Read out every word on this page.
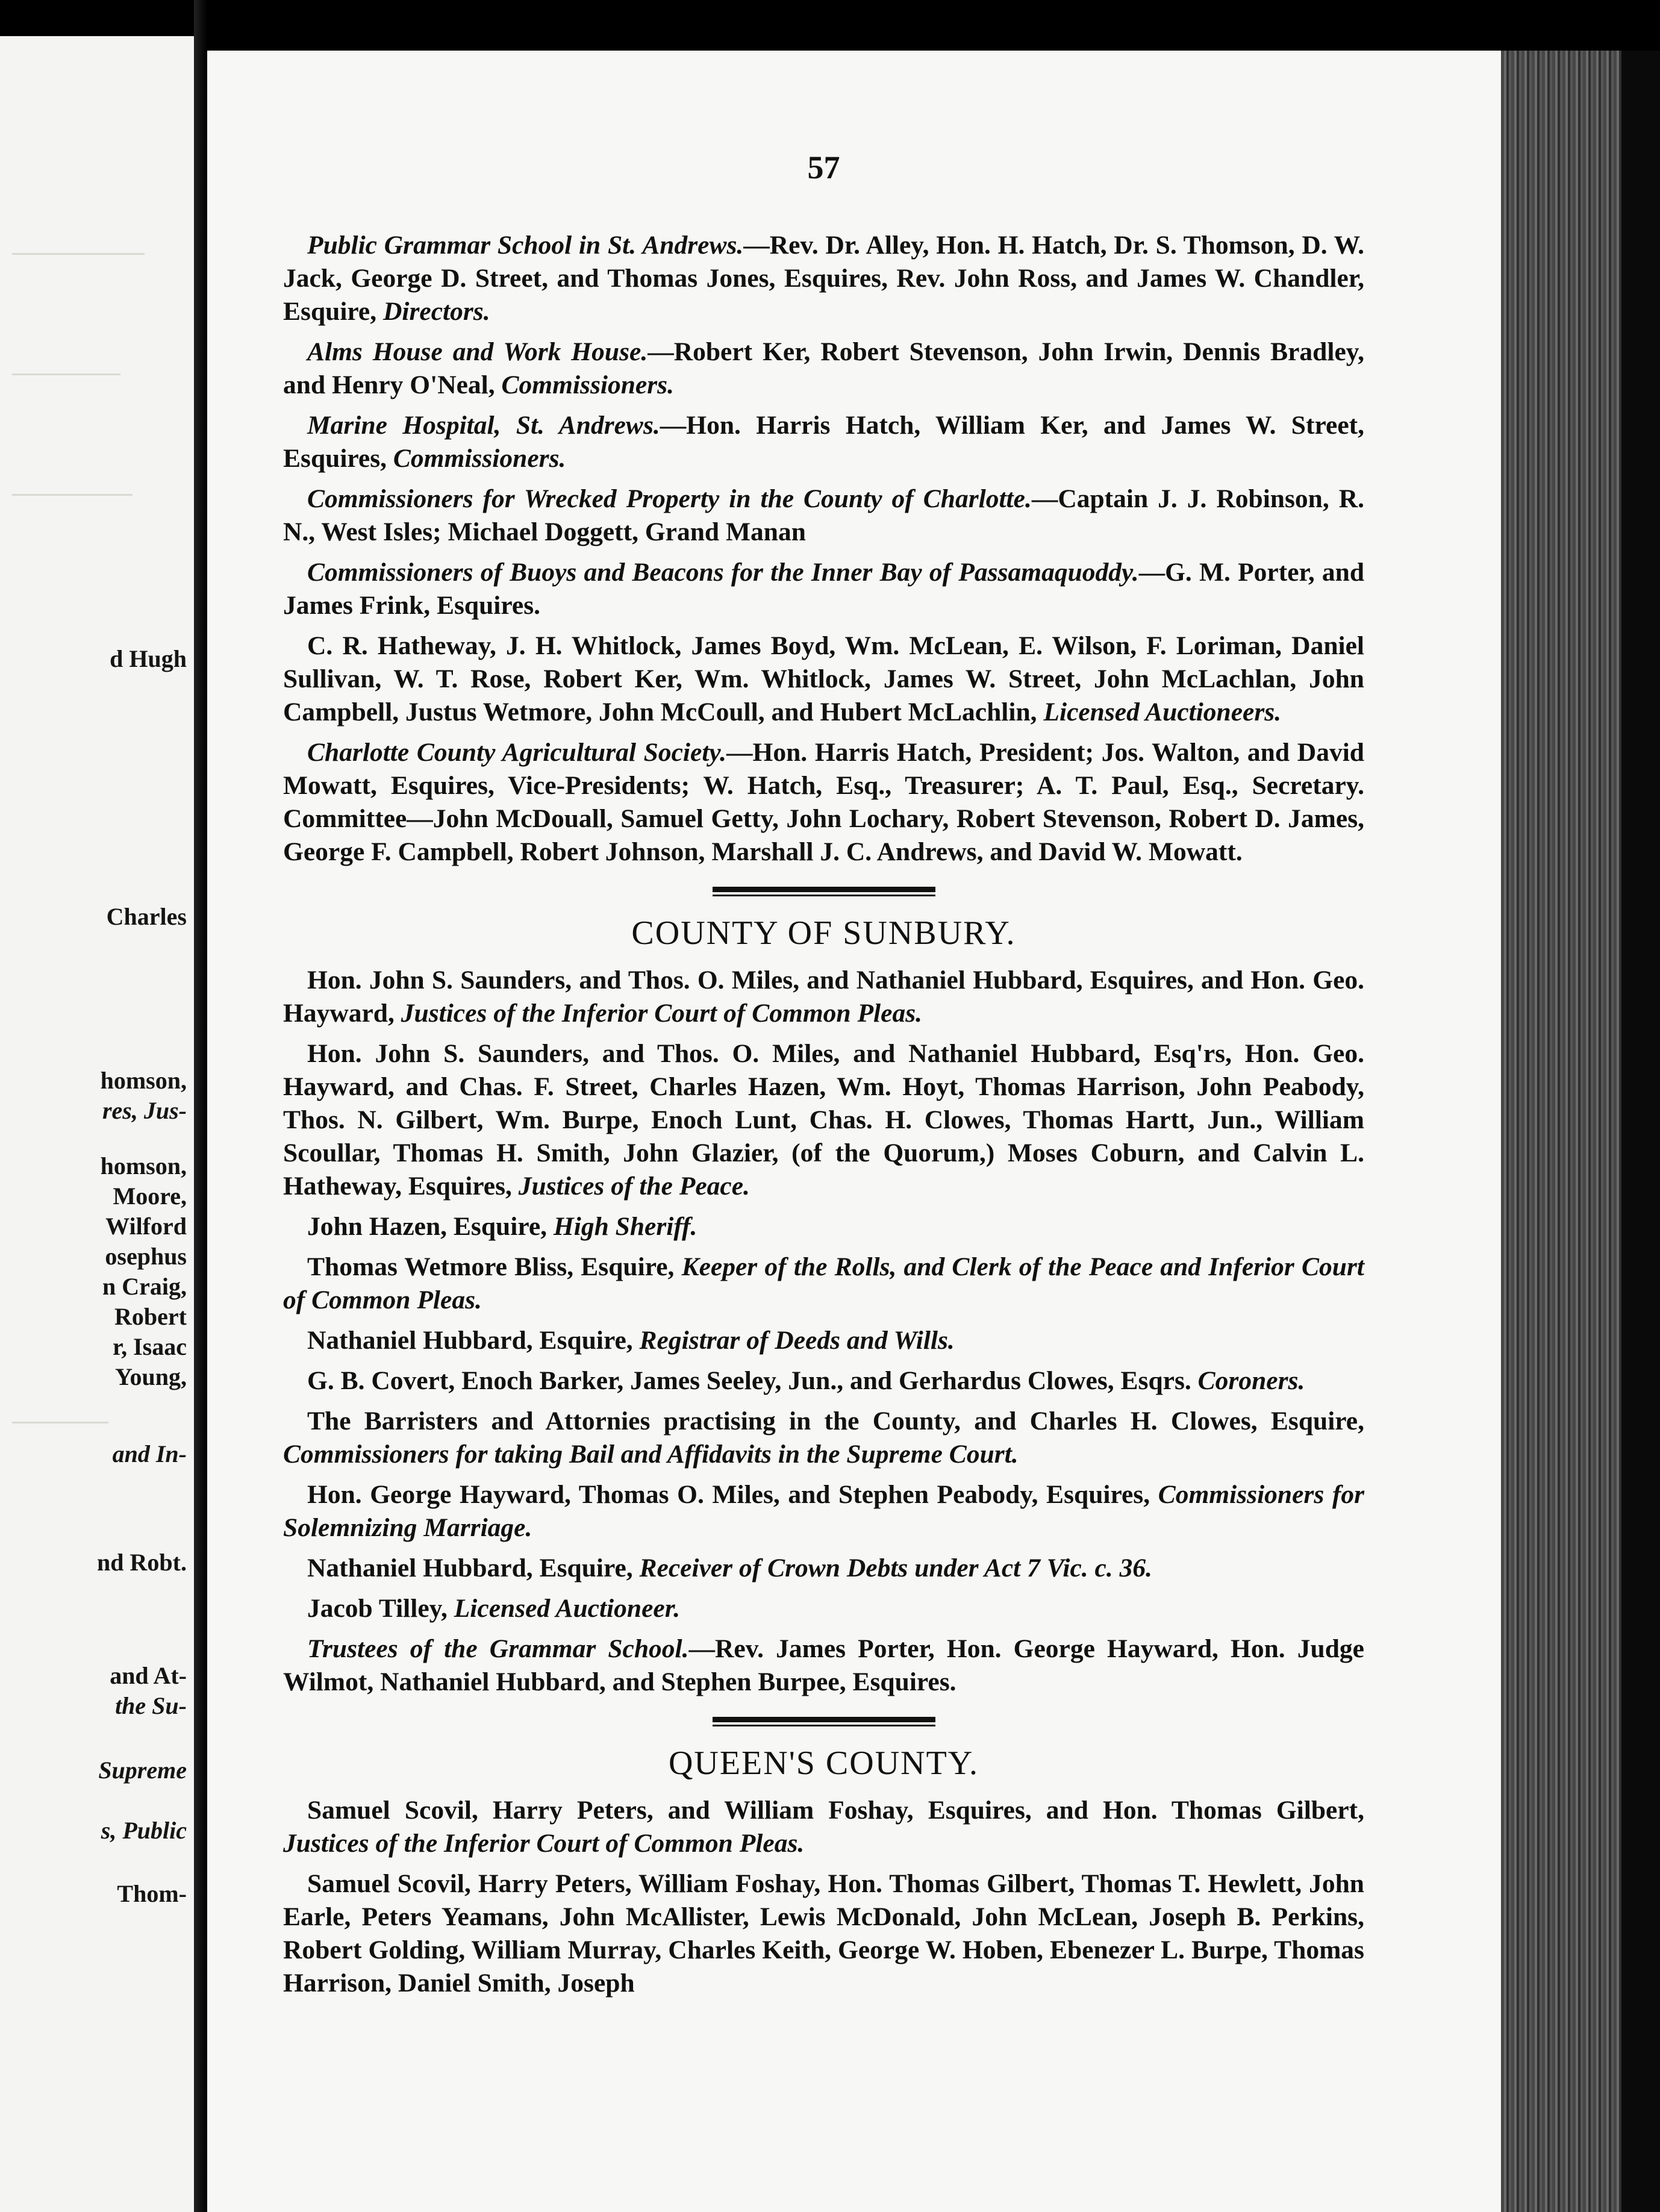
d Hugh
Charles
homson,
res, Jus-
homson,
Moore,
Wilford
osephus
n Craig,
Robert
r, Isaac
Young,
and In-
nd Robt.
and At-
the Su-
Supreme
s, Public
Thom-
57

Public Grammar School in St. Andrews.—Rev. Dr. Alley, Hon. H. Hatch, Dr. S. Thomson, D. W. Jack, George D. Street, and Thomas Jones, Esquires, Rev. John Ross, and James W. Chandler, Esquire, Directors.

Alms House and Work House.—Robert Ker, Robert Stevenson, John Irwin, Dennis Bradley, and Henry O'Neal, Commissioners.

Marine Hospital, St. Andrews.—Hon. Harris Hatch, William Ker, and James W. Street, Esquires, Commissioners.

Commissioners for Wrecked Property in the County of Charlotte.—Captain J. J. Robinson, R. N., West Isles; Michael Doggett, Grand Manan

Commissioners of Buoys and Beacons for the Inner Bay of Passamaquoddy.—G. M. Porter, and James Frink, Esquires.

C. R. Hatheway, J. H. Whitlock, James Boyd, Wm. McLean, E. Wilson, F. Loriman, Daniel Sullivan, W. T. Rose, Robert Ker, Wm. Whitlock, James W. Street, John McLachlan, John Campbell, Justus Wetmore, John McCoull, and Hubert McLachlin, Licensed Auctioneers.

Charlotte County Agricultural Society.—Hon. Harris Hatch, President; Jos. Walton, and David Mowatt, Esquires, Vice-Presidents; W. Hatch, Esq., Treasurer; A. T. Paul, Esq., Secretary. Committee—John McDouall, Samuel Getty, John Lochary, Robert Stevenson, Robert D. James, George F. Campbell, Robert Johnson, Marshall J. C. Andrews, and David W. Mowatt.

COUNTY OF SUNBURY.

Hon. John S. Saunders, and Thos. O. Miles, and Nathaniel Hubbard, Esquires, and Hon. Geo. Hayward, Justices of the Inferior Court of Common Pleas.

Hon. John S. Saunders, and Thos. O. Miles, and Nathaniel Hubbard, Esq'rs, Hon. Geo. Hayward, and Chas. F. Street, Charles Hazen, Wm. Hoyt, Thomas Harrison, John Peabody, Thos. N. Gilbert, Wm. Burpe, Enoch Lunt, Chas. H. Clowes, Thomas Hartt, Jun., William Scoullar, Thomas H. Smith, John Glazier, (of the Quorum,) Moses Coburn, and Calvin L. Hatheway, Esquires, Justices of the Peace.

John Hazen, Esquire, High Sheriff.

Thomas Wetmore Bliss, Esquire, Keeper of the Rolls, and Clerk of the Peace and Inferior Court of Common Pleas.

Nathaniel Hubbard, Esquire, Registrar of Deeds and Wills.

G. B. Covert, Enoch Barker, James Seeley, Jun., and Gerhardus Clowes, Esqrs. Coroners.

The Barristers and Attornies practising in the County, and Charles H. Clowes, Esquire, Commissioners for taking Bail and Affidavits in the Supreme Court.

Hon. George Hayward, Thomas O. Miles, and Stephen Peabody, Esquires, Commissioners for Solemnizing Marriage.

Nathaniel Hubbard, Esquire, Receiver of Crown Debts under Act 7 Vic. c. 36.

Jacob Tilley, Licensed Auctioneer.

Trustees of the Grammar School.—Rev. James Porter, Hon. George Hayward, Hon. Judge Wilmot, Nathaniel Hubbard, and Stephen Burpee, Esquires.

QUEEN'S COUNTY.

Samuel Scovil, Harry Peters, and William Foshay, Esquires, and Hon. Thomas Gilbert, Justices of the Inferior Court of Common Pleas.

Samuel Scovil, Harry Peters, William Foshay, Hon. Thomas Gilbert, Thomas T. Hewlett, John Earle, Peters Yeamans, John McAllister, Lewis McDonald, John McLean, Joseph B. Perkins, Robert Golding, William Murray, Charles Keith, George W. Hoben, Ebenezer L. Burpe, Thomas Harrison, Daniel Smith, Joseph
